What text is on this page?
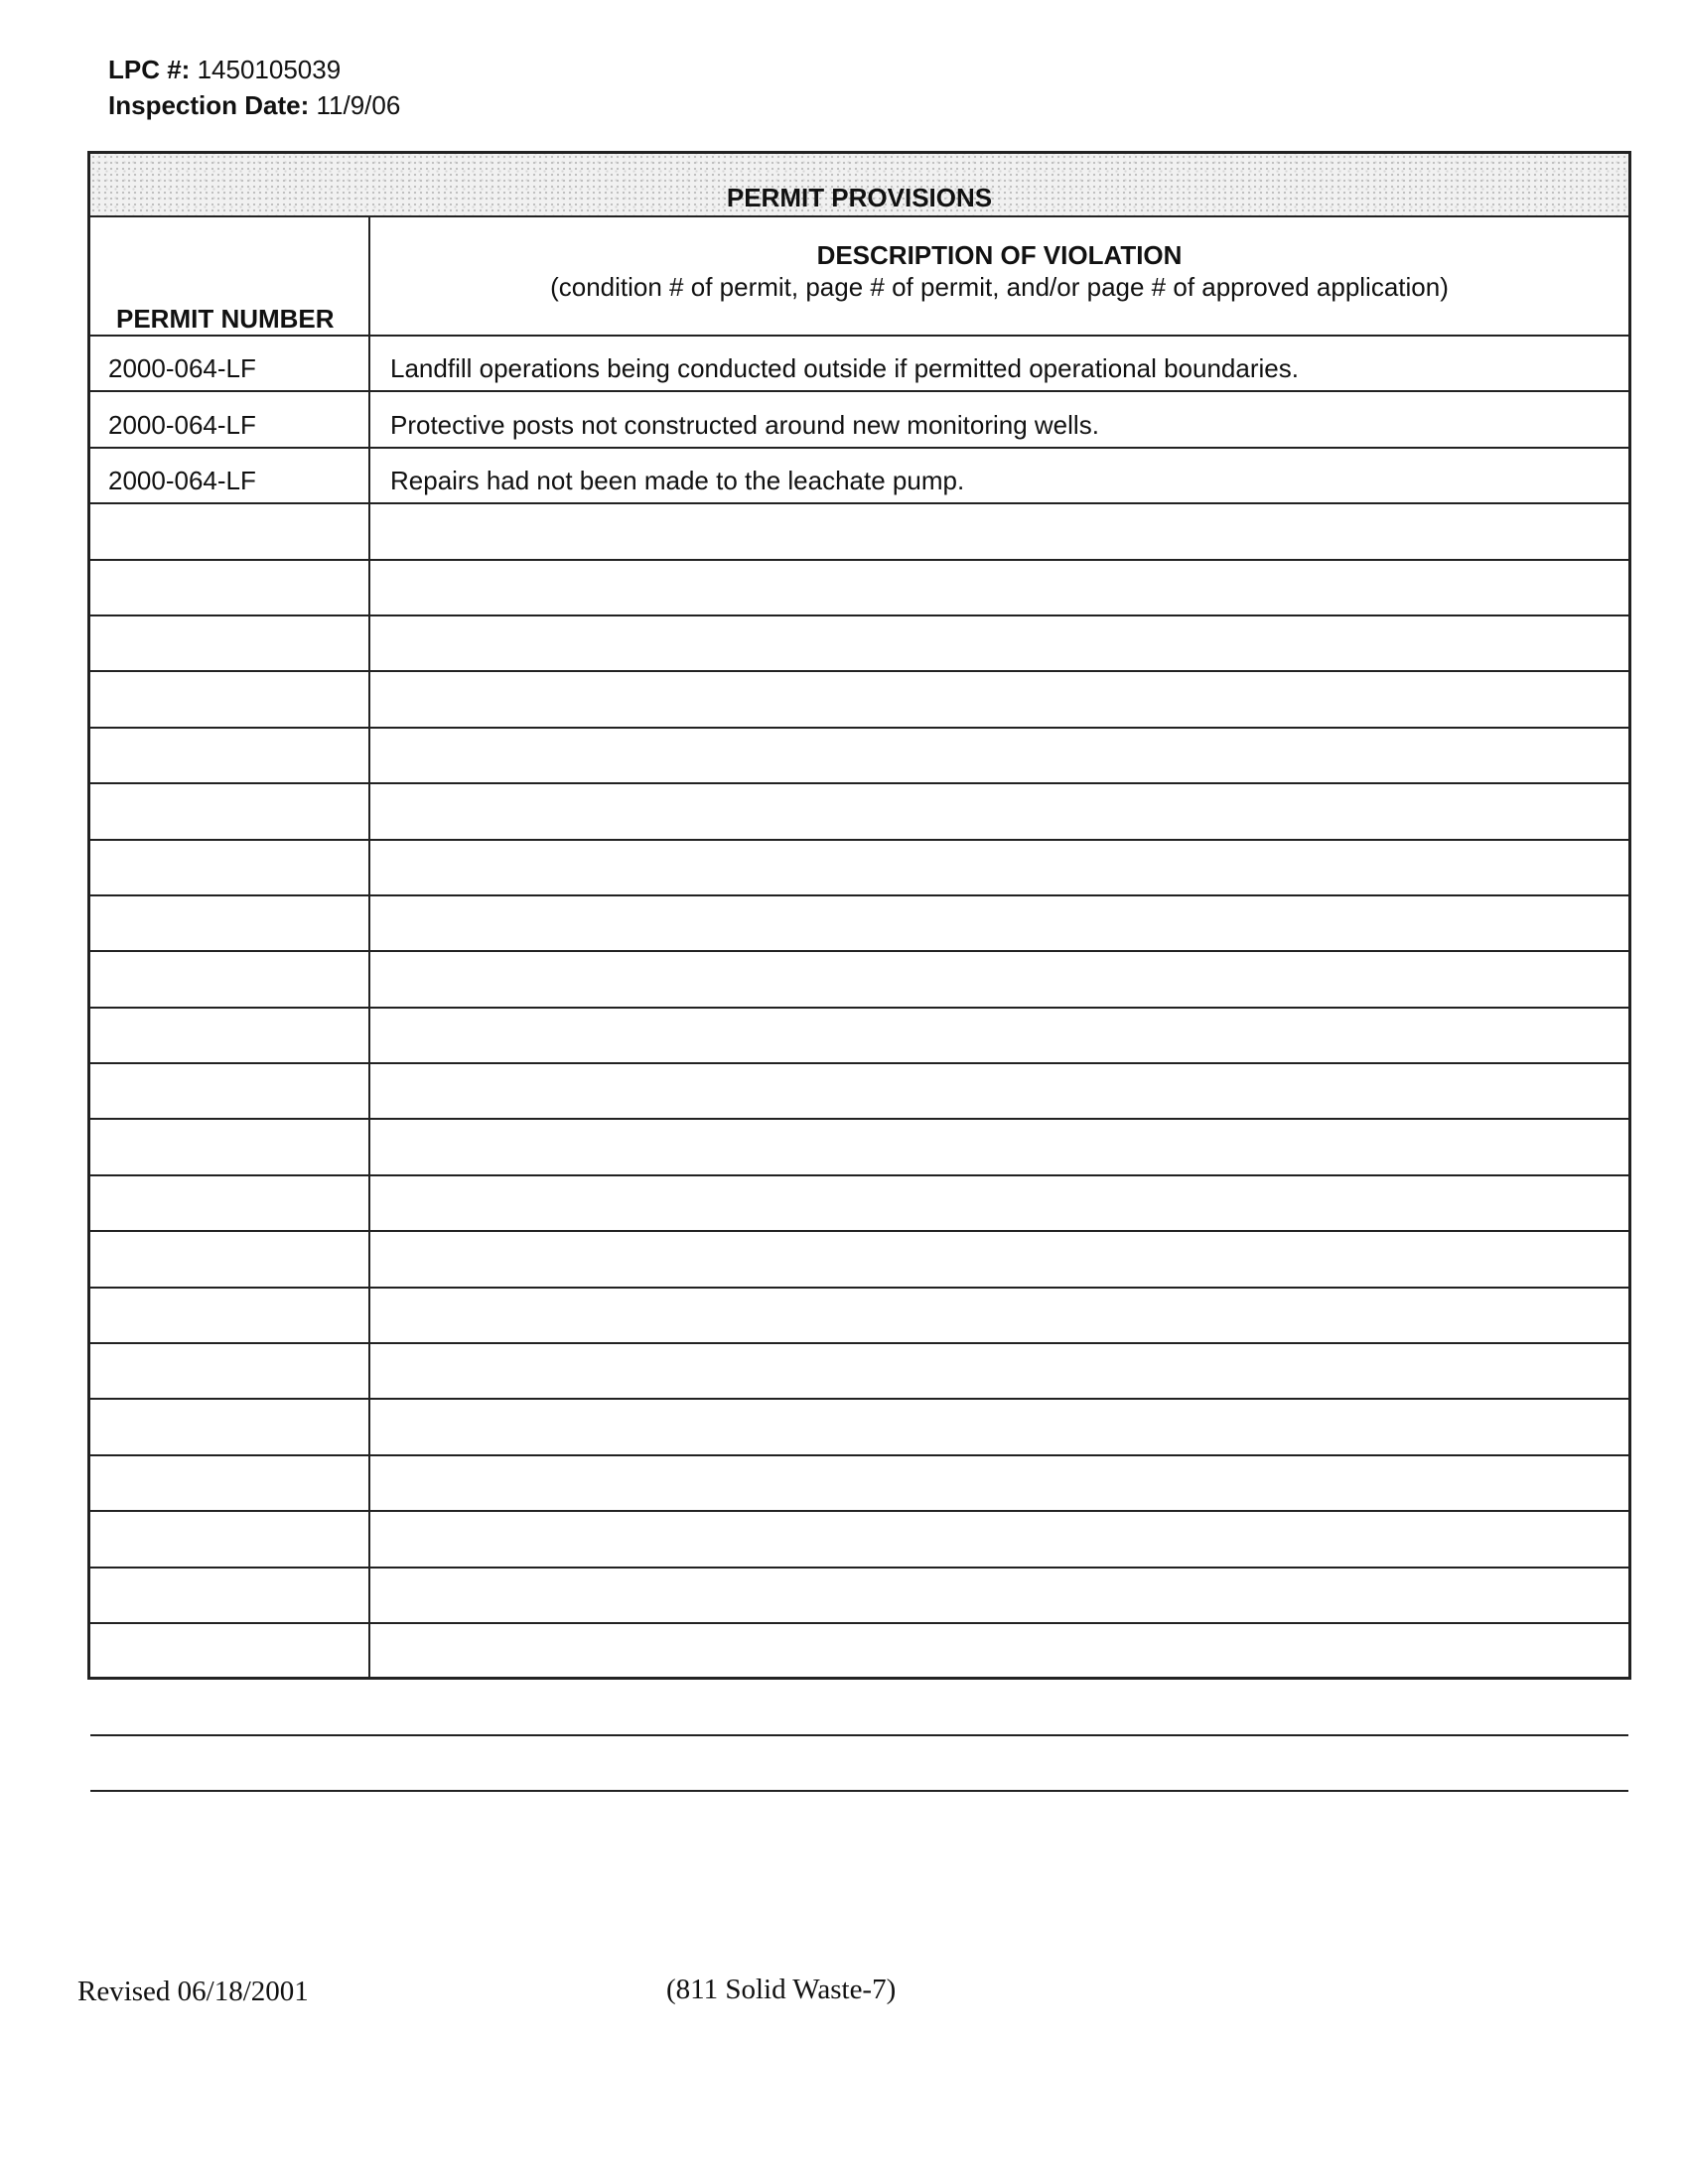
LPC #: 1450105039
Inspection Date: 11/9/06
PERMIT PROVISIONS
PERMIT NUMBER
DESCRIPTION OF VIOLATION
(condition # of permit, page # of permit, and/or page # of approved application)
2000-064-LF	Landfill operations being conducted outside if permitted operational boundaries.
2000-064-LF	Protective posts not constructed around new monitoring wells.
2000-064-LF	Repairs had not been made to the leachate pump.
Revised 06/18/2001	(811 Solid Waste-7)
